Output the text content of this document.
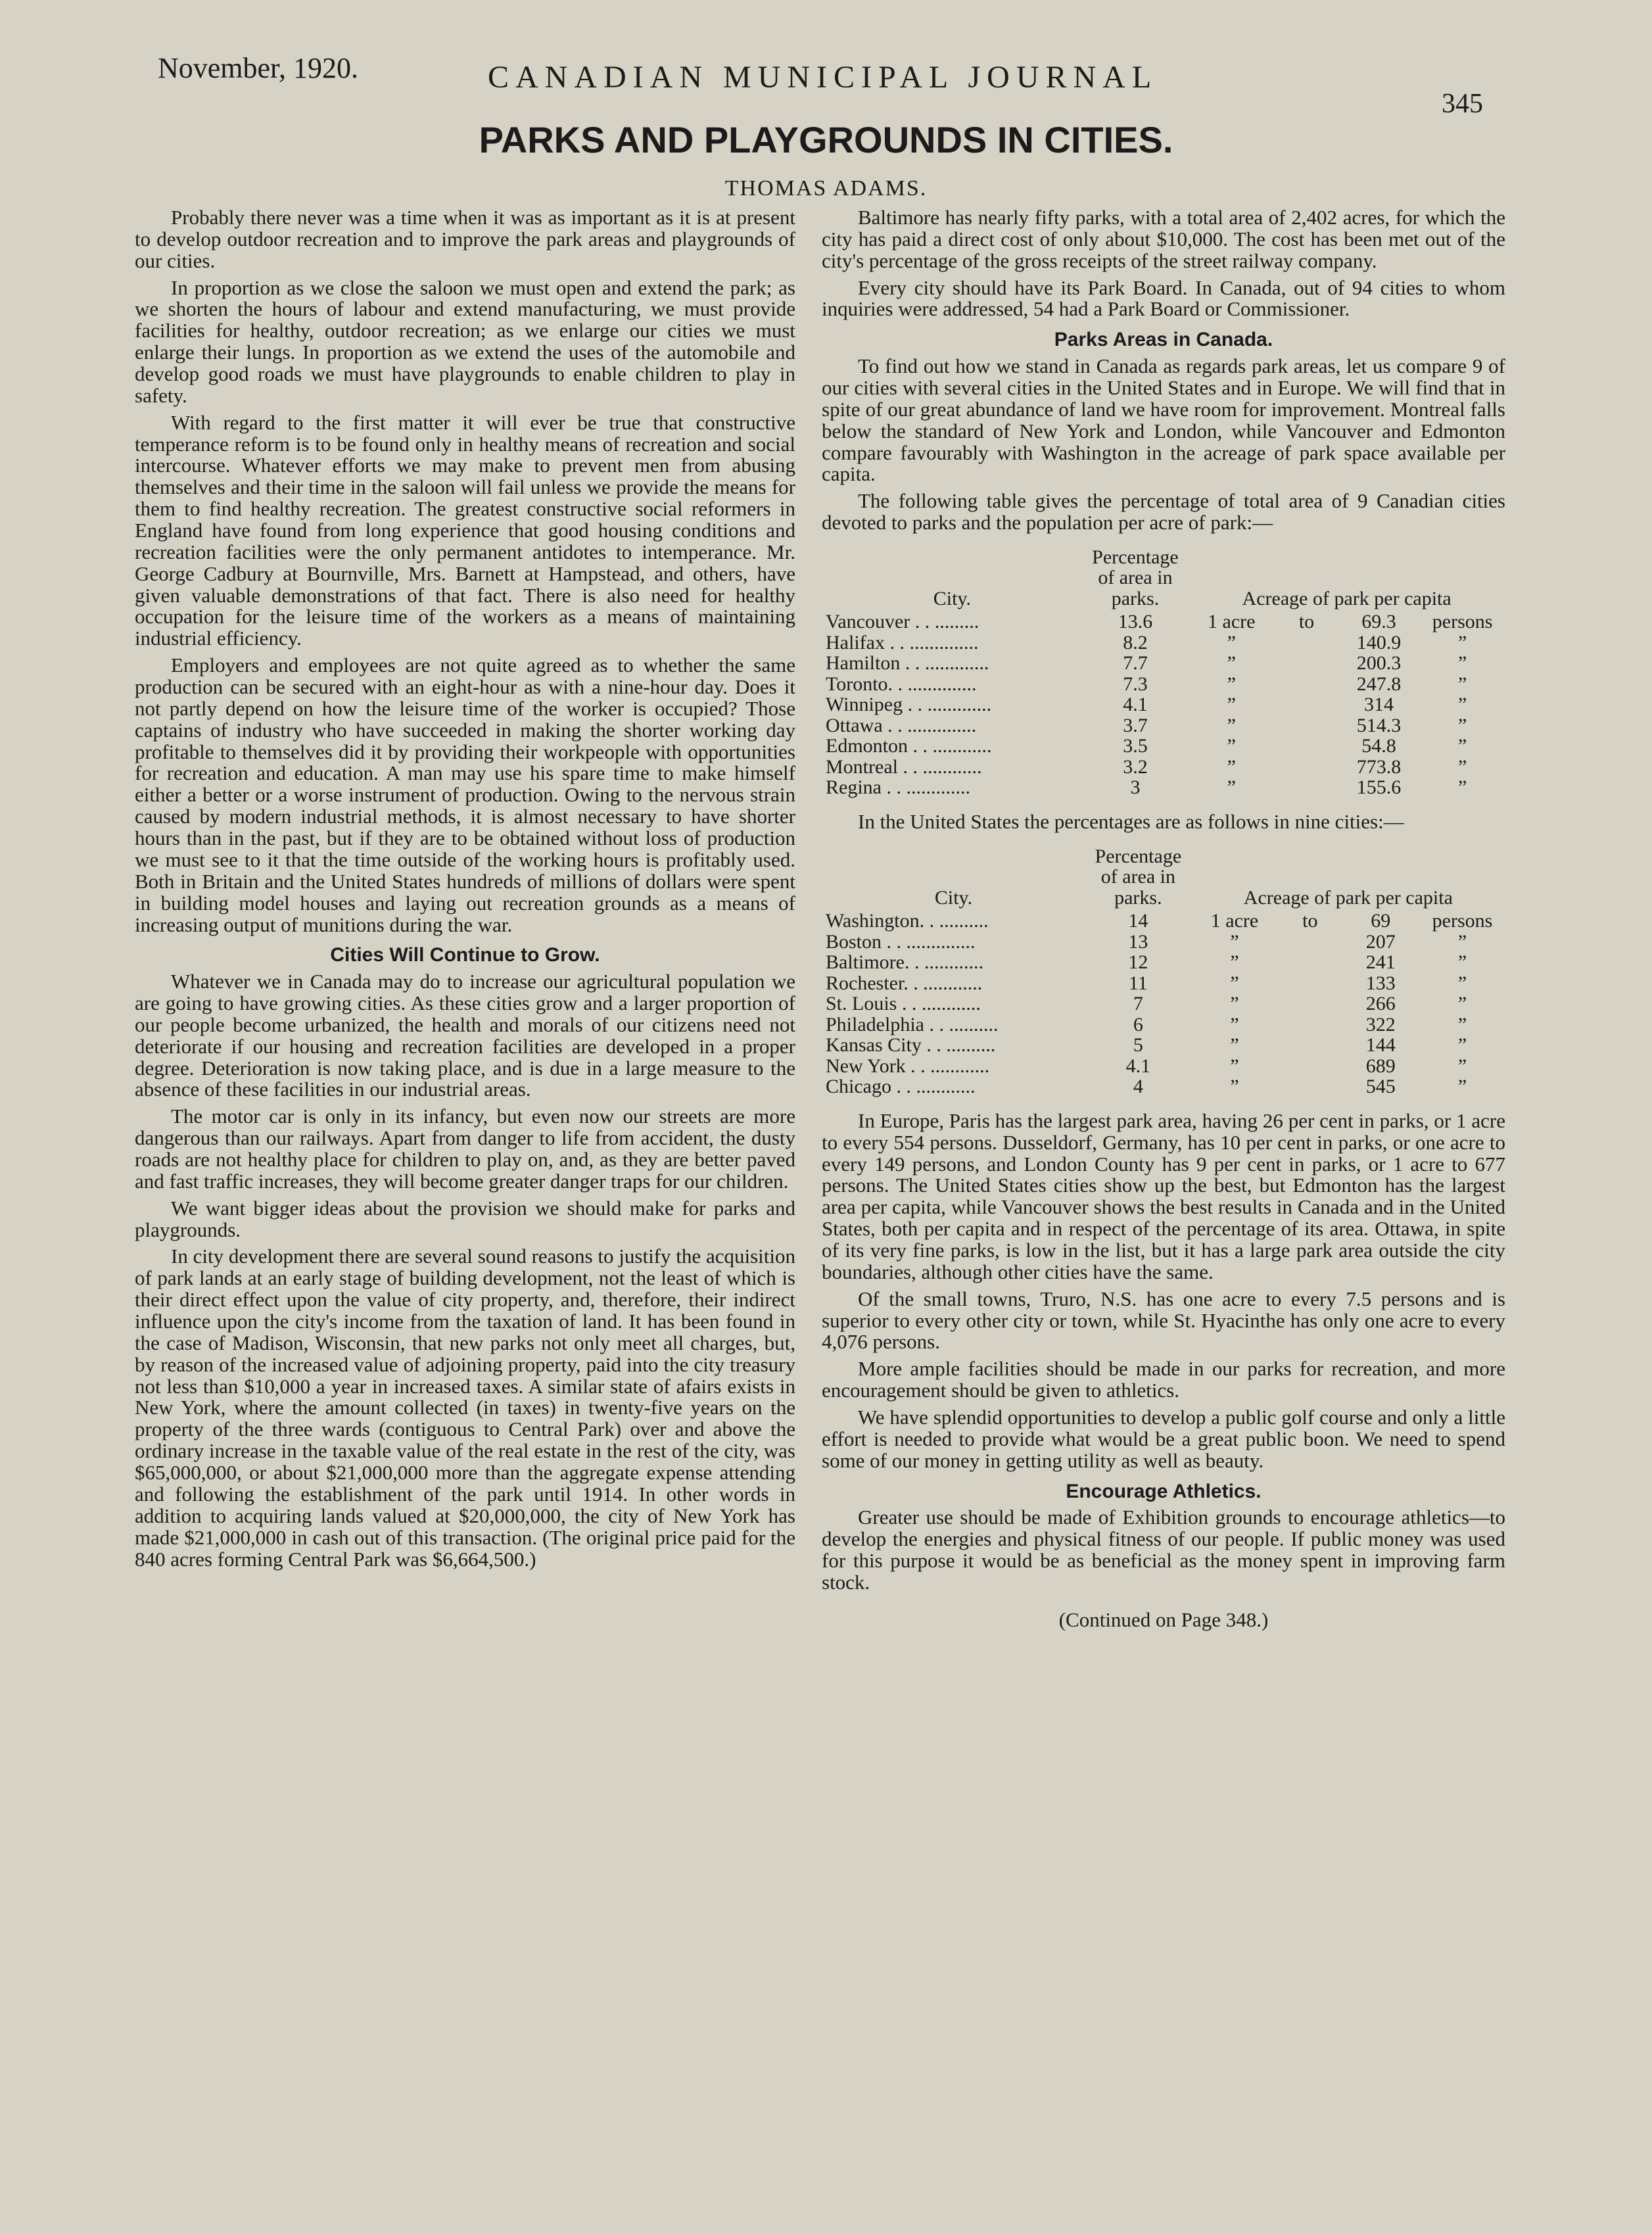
November, 1920.	CANADIAN MUNICIPAL JOURNAL
345
PARKS AND PLAYGROUNDS IN CITIES.
THOMAS ADAMS.

Probably there never was a time when it was as important as it is at present to develop outdoor recreation and to improve the park areas and playgrounds of our cities.

In proportion as we close the saloon we must open and extend the park; as we shorten the hours of labour and extend manufacturing, we must provide facilities for healthy, outdoor recreation; as we enlarge our cities we must enlarge their lungs. In proportion as we extend the uses of the automobile and develop good roads we must have playgrounds to enable children to play in safety.

With regard to the first matter it will ever be true that constructive temperance reform is to be found only in healthy means of recreation and social intercourse. Whatever efforts we may make to prevent men from abusing themselves and their time in the saloon will fail unless we provide the means for them to find healthy recreation. The greatest constructive social reformers in England have found from long experience that good housing conditions and recreation facilities were the only permanent antidotes to intemperance. Mr. George Cadbury at Bournville, Mrs. Barnett at Hampstead, and others, have given valuable demonstrations of that fact. There is also need for healthy occupation for the leisure time of the workers as a means of maintaining industrial efficiency.

Employers and employees are not quite agreed as to whether the same production can be secured with an eight-hour as with a nine-hour day. Does it not partly depend on how the leisure time of the worker is occupied? Those captains of industry who have succeeded in making the shorter working day profitable to themselves did it by providing their workpeople with opportunities for recreation and education. A man may use his spare time to make himself either a better or a worse instrument of production. Owing to the nervous strain caused by modern industrial methods, it is almost necessary to have shorter hours than in the past, but if they are to be obtained without loss of production we must see to it that the time outside of the working hours is profitably used. Both in Britain and the United States hundreds of millions of dollars were spent in building model houses and laying out recreation grounds as a means of increasing output of munitions during the war.

Cities Will Continue to Grow.

Whatever we in Canada may do to increase our agricultural population we are going to have growing cities. As these cities grow and a larger proportion of our people become urbanized, the health and morals of our citizens need not deteriorate if our housing and recreation facilities are developed in a proper degree. Deterioration is now taking place, and is due in a large measure to the absence of these facilities in our industrial areas.

The motor car is only in its infancy, but even now our streets are more dangerous than our railways. Apart from danger to life from accident, the dusty roads are not healthy place for children to play on, and, as they are better paved and fast traffic increases, they will become greater danger traps for our children.

We want bigger ideas about the provision we should make for parks and playgrounds.

In city development there are several sound reasons to justify the acquisition of park lands at an early stage of building development, not the least of which is their direct effect upon the value of city property, and, therefore, their indirect influence upon the city's income from the taxation of land. It has been found in the case of Madison, Wisconsin, that new parks not only meet all charges, but, by reason of the increased value of adjoining property, paid into the city treasury not less than $10,000 a year in increased taxes. A similar state of afairs exists in New York, where the amount collected (in taxes) in twenty-five years on the property of the three wards (contiguous to Central Park) over and above the ordinary increase in the taxable value of the real estate in the rest of the city, was $65,000,000, or about $21,000,000 more than the aggregate expense attending and following the establishment of the park until 1914. In other words in addition to acquiring lands valued at $20,000,000, the city of New York has made $21,000,000 in cash out of this transaction. (The original price paid for the 840 acres forming Central Park was $6,664,500.)

Baltimore has nearly fifty parks, with a total area of 2,402 acres, for which the city has paid a direct cost of only about $10,000. The cost has been met out of the city's percentage of the gross receipts of the street railway company.

Every city should have its Park Board. In Canada, out of 94 cities to whom inquiries were addressed, 54 had a Park Board or Commissioner.

Parks Areas in Canada.

To find out how we stand in Canada as regards park areas, let us compare 9 of our cities with several cities in the United States and in Europe. We will find that in spite of our great abundance of land we have room for improvement. Montreal falls below the standard of New York and London, while Vancouver and Edmonton compare favourably with Washington in the acreage of park space available per capita.

The following table gives the percentage of total area of 9 Canadian cities devoted to parks and the population per acre of park:—

City.	Percentage of area in parks.	Acreage of park per capita			
Vancouver . . .........	13.6	1 acre	to	69.3	persons
Halifax . . ..............	8.2	”		140.9	”
Hamilton . . .............	7.7	”		200.3	”
Toronto. . ..............	7.3	”		247.8	”
Winnipeg . . .............	4.1	”		314	”
Ottawa . . ..............	3.7	”		514.3	”
Edmonton . . ............	3.5	”		54.8	”
Montreal . . ............	3.2	”		773.8	”
Regina . . .............	3	”		155.6	”

In the United States the percentages are as follows in nine cities:—

City.	Percentage of area in parks.	Acreage of park per capita			
Washington. . ..........	14	1 acre	to	69	persons
Boston . . ..............	13	”		207	”
Baltimore. . ............	12	”		241	”
Rochester. . ............	11	”		133	”
St. Louis . . ............	7	”		266	”
Philadelphia . . ..........	6	”		322	”
Kansas City . . ..........	5	”		144	”
New York . . ............	4.1	”		689	”
Chicago . . ............	4	”		545	”

In Europe, Paris has the largest park area, having 26 per cent in parks, or 1 acre to every 554 persons. Dusseldorf, Germany, has 10 per cent in parks, or one acre to every 149 persons, and London County has 9 per cent in parks, or 1 acre to 677 persons. The United States cities show up the best, but Edmonton has the largest area per capita, while Vancouver shows the best results in Canada and in the United States, both per capita and in respect of the percentage of its area. Ottawa, in spite of its very fine parks, is low in the list, but it has a large park area outside the city boundaries, although other cities have the same.

Of the small towns, Truro, N.S. has one acre to every 7.5 persons and is superior to every other city or town, while St. Hyacinthe has only one acre to every 4,076 persons.

More ample facilities should be made in our parks for recreation, and more encouragement should be given to athletics.

We have splendid opportunities to develop a public golf course and only a little effort is needed to provide what would be a great public boon. We need to spend some of our money in getting utility as well as beauty.

Encourage Athletics.

Greater use should be made of Exhibition grounds to encourage athletics—to develop the energies and physical fitness of our people. If public money was used for this purpose it would be as beneficial as the money spent in improving farm stock.

(Continued on Page 348.)
